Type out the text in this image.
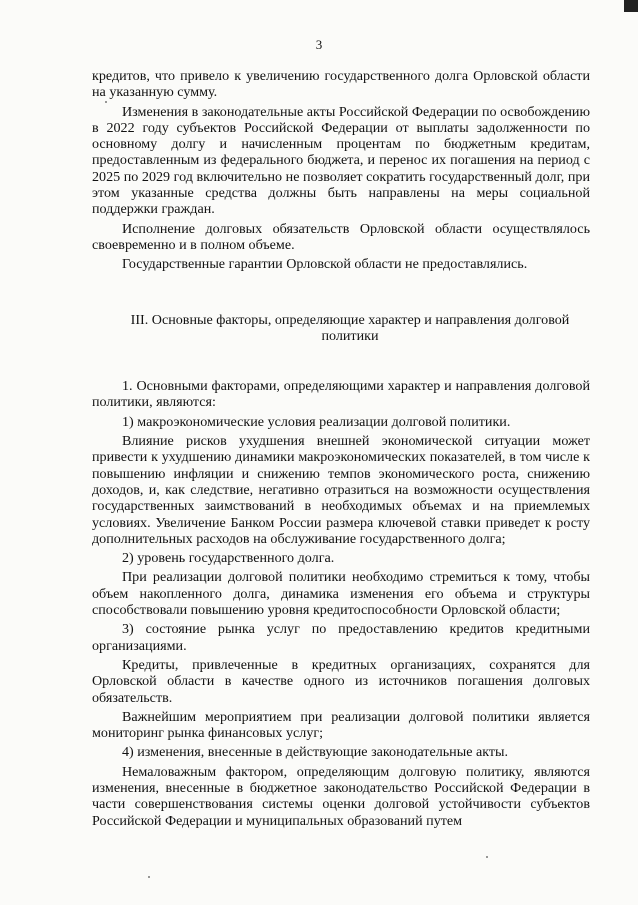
3

кредитов, что привело к увеличению государственного долга Орловской области на указанную сумму.

Изменения в законодательные акты Российской Федерации по освобождению в 2022 году субъектов Российской Федерации от выплаты задолженности по основному долгу и начисленным процентам по бюджетным кредитам, предоставленным из федерального бюджета, и перенос их погашения на период с 2025 по 2029 год включительно не позволяет сократить государственный долг, при этом указанные средства должны быть направлены на меры социальной поддержки граждан.

Исполнение долговых обязательств Орловской области осуществлялось своевременно и в полном объеме.

Государственные гарантии Орловской области не предоставлялись.

III. Основные факторы, определяющие характер и направления долговой политики

1. Основными факторами, определяющими характер и направления долговой политики, являются:

1) макроэкономические условия реализации долговой политики.

Влияние рисков ухудшения внешней экономической ситуации может привести к ухудшению динамики макроэкономических показателей, в том числе к повышению инфляции и снижению темпов экономического роста, снижению доходов, и, как следствие, негативно отразиться на возможности осуществления государственных заимствований в необходимых объемах и на приемлемых условиях. Увеличение Банком России размера ключевой ставки приведет к росту дополнительных расходов на обслуживание государственного долга;

2) уровень государственного долга.

При реализации долговой политики необходимо стремиться к тому, чтобы объем накопленного долга, динамика изменения его объема и структуры способствовали повышению уровня кредитоспособности Орловской области;

3) состояние рынка услуг по предоставлению кредитов кредитными организациями.

Кредиты, привлеченные в кредитных организациях, сохранятся для Орловской области в качестве одного из источников погашения долговых обязательств.

Важнейшим мероприятием при реализации долговой политики является мониторинг рынка финансовых услуг;

4) изменения, внесенные в действующие законодательные акты.

Немаловажным фактором, определяющим долговую политику, являются изменения, внесенные в бюджетное законодательство Российской Федерации в части совершенствования системы оценки долговой устойчивости субъектов Российской Федерации и муниципальных образований путем
